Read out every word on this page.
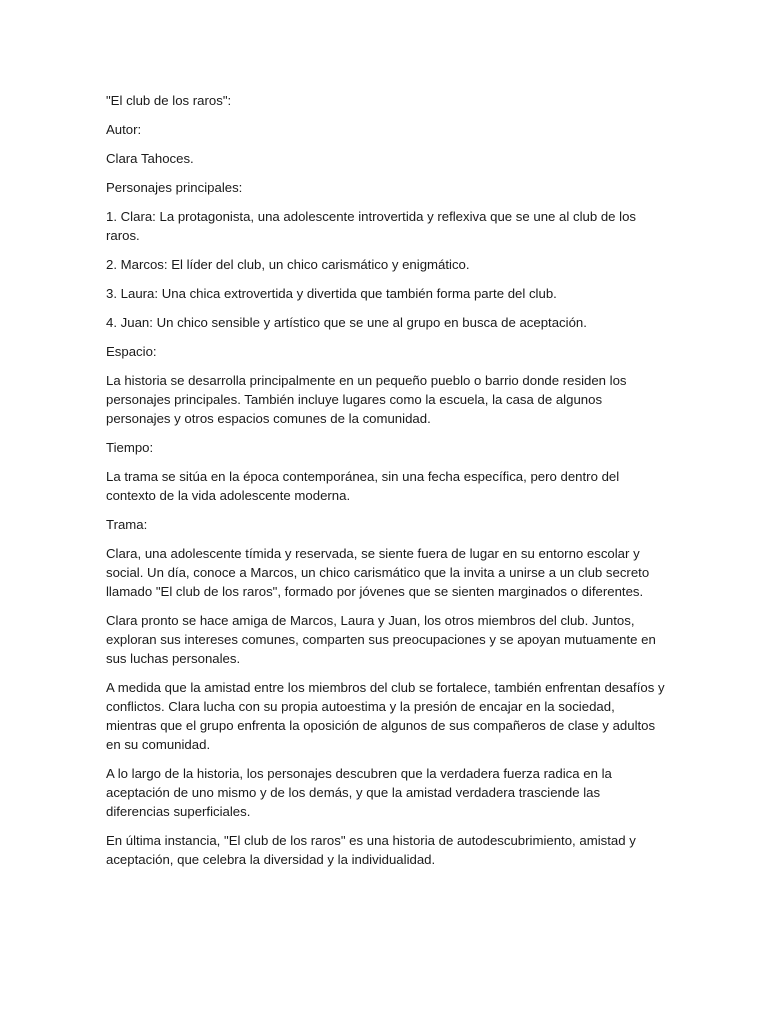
"El club de los raros":

Autor:

Clara Tahoces.

Personajes principales:

1. Clara: La protagonista, una adolescente introvertida y reflexiva que se une al club de los raros.

2. Marcos: El líder del club, un chico carismático y enigmático.

3. Laura: Una chica extrovertida y divertida que también forma parte del club.

4. Juan: Un chico sensible y artístico que se une al grupo en busca de aceptación.

Espacio:

La historia se desarrolla principalmente en un pequeño pueblo o barrio donde residen los personajes principales. También incluye lugares como la escuela, la casa de algunos personajes y otros espacios comunes de la comunidad.

Tiempo:

La trama se sitúa en la época contemporánea, sin una fecha específica, pero dentro del contexto de la vida adolescente moderna.

Trama:

Clara, una adolescente tímida y reservada, se siente fuera de lugar en su entorno escolar y social. Un día, conoce a Marcos, un chico carismático que la invita a unirse a un club secreto llamado "El club de los raros", formado por jóvenes que se sienten marginados o diferentes.

Clara pronto se hace amiga de Marcos, Laura y Juan, los otros miembros del club. Juntos, exploran sus intereses comunes, comparten sus preocupaciones y se apoyan mutuamente en sus luchas personales.

A medida que la amistad entre los miembros del club se fortalece, también enfrentan desafíos y conflictos. Clara lucha con su propia autoestima y la presión de encajar en la sociedad, mientras que el grupo enfrenta la oposición de algunos de sus compañeros de clase y adultos en su comunidad.

A lo largo de la historia, los personajes descubren que la verdadera fuerza radica en la aceptación de uno mismo y de los demás, y que la amistad verdadera trasciende las diferencias superficiales.

En última instancia, "El club de los raros" es una historia de autodescubrimiento, amistad y aceptación, que celebra la diversidad y la individualidad.
